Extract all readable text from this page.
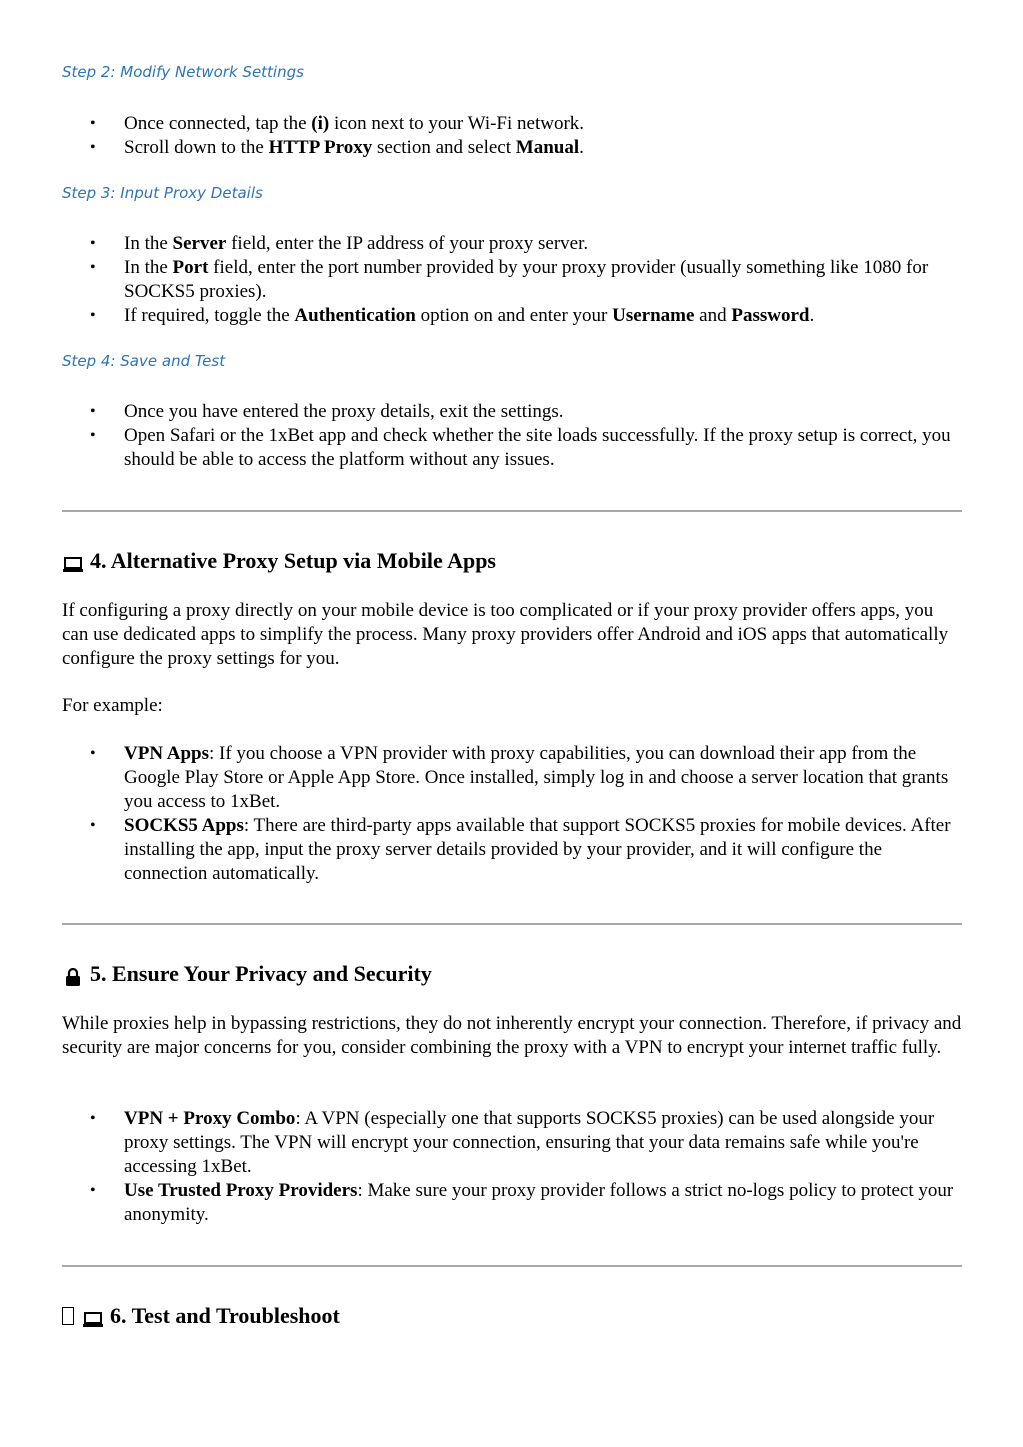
Step 2: Modify Network Settings
• Once connected, tap the (i) icon next to your Wi-Fi network.
• Scroll down to the HTTP Proxy section and select Manual.
Step 3: Input Proxy Details
• In the Server field, enter the IP address of your proxy server.
• In the Port field, enter the port number provided by your proxy provider (usually something like 1080 for SOCKS5 proxies).
• If required, toggle the Authentication option on and enter your Username and Password.
Step 4: Save and Test
• Once you have entered the proxy details, exit the settings.
• Open Safari or the 1xBet app and check whether the site loads successfully. If the proxy setup is correct, you should be able to access the platform without any issues.
4. Alternative Proxy Setup via Mobile Apps

If configuring a proxy directly on your mobile device is too complicated or if your proxy provider offers apps, you can use dedicated apps to simplify the process. Many proxy providers offer Android and iOS apps that automatically configure the proxy settings for you.

For example:

• VPN Apps: If you choose a VPN provider with proxy capabilities, you can download their app from the Google Play Store or Apple App Store. Once installed, simply log in and choose a server location that grants you access to 1xBet.
• SOCKS5 Apps: There are third-party apps available that support SOCKS5 proxies for mobile devices. After installing the app, input the proxy server details provided by your provider, and it will configure the connection automatically.
5. Ensure Your Privacy and Security

While proxies help in bypassing restrictions, they do not inherently encrypt your connection. Therefore, if privacy and security are major concerns for you, consider combining the proxy with a VPN to encrypt your internet traffic fully.

• VPN + Proxy Combo: A VPN (especially one that supports SOCKS5 proxies) can be used alongside your proxy settings. The VPN will encrypt your connection, ensuring that your data remains safe while you're accessing 1xBet.
• Use Trusted Proxy Providers: Make sure your proxy provider follows a strict no-logs policy to protect your anonymity.
6. Test and Troubleshoot
